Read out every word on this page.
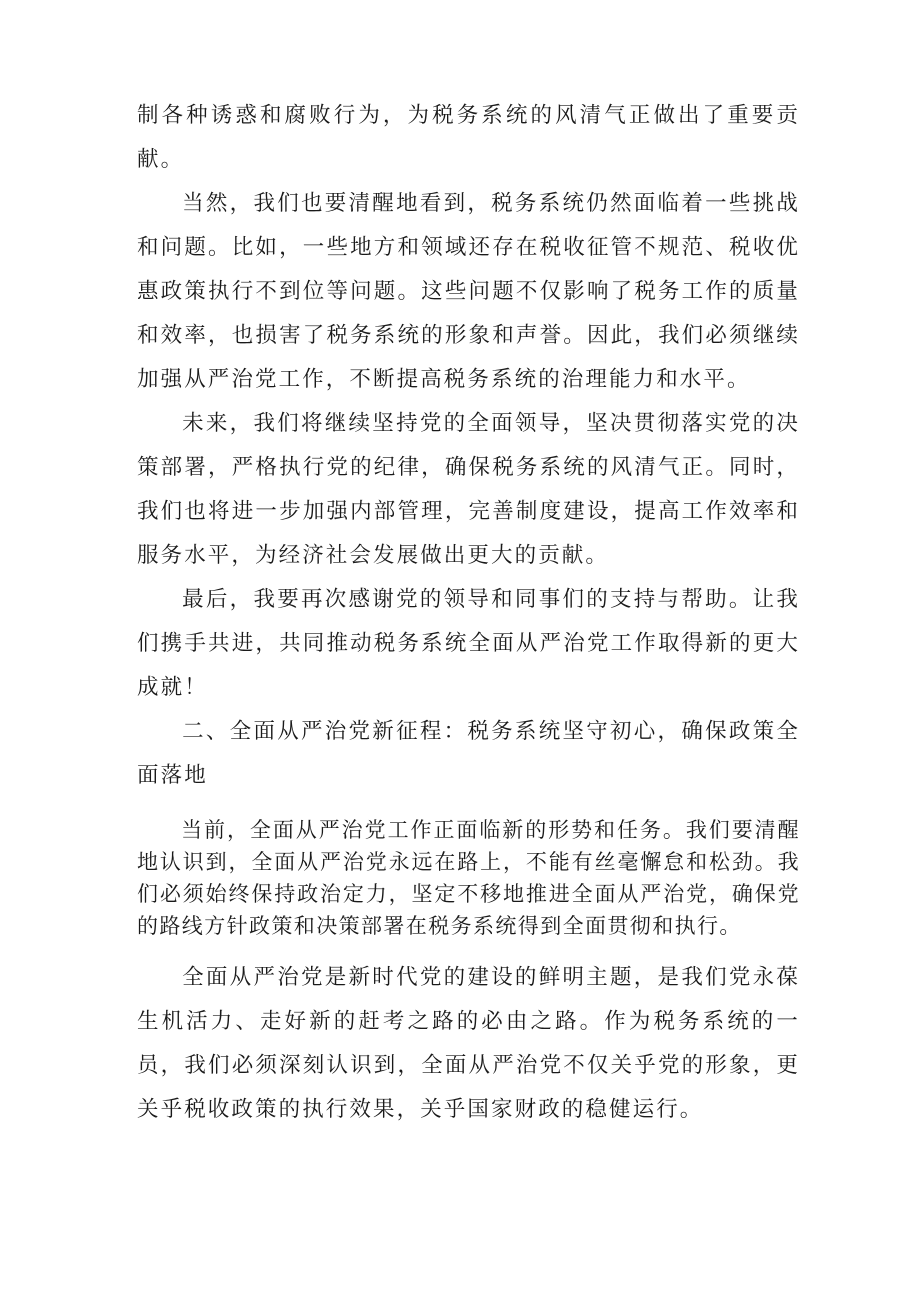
制各种诱惑和腐败行为，为税务系统的风清气正做出了重要贡献。

当然，我们也要清醒地看到，税务系统仍然面临着一些挑战和问题。比如，一些地方和领域还存在税收征管不规范、税收优惠政策执行不到位等问题。这些问题不仅影响了税务工作的质量和效率，也损害了税务系统的形象和声誉。因此，我们必须继续加强从严治党工作，不断提高税务系统的治理能力和水平。

未来，我们将继续坚持党的全面领导，坚决贯彻落实党的决策部署，严格执行党的纪律，确保税务系统的风清气正。同时，我们也将进一步加强内部管理，完善制度建设，提高工作效率和服务水平，为经济社会发展做出更大的贡献。

最后，我要再次感谢党的领导和同事们的支持与帮助。让我们携手共进，共同推动税务系统全面从严治党工作取得新的更大成就！

二、全面从严治党新征程：税务系统坚守初心，确保政策全面落地

当前，全面从严治党工作正面临新的形势和任务。我们要清醒地认识到，全面从严治党永远在路上，不能有丝毫懈怠和松劲。我们必须始终保持政治定力，坚定不移地推进全面从严治党，确保党的路线方针政策和决策部署在税务系统得到全面贯彻和执行。

全面从严治党是新时代党的建设的鲜明主题，是我们党永葆生机活力、走好新的赶考之路的必由之路。作为税务系统的一员，我们必须深刻认识到，全面从严治党不仅关乎党的形象，更关乎税收政策的执行效果，关乎国家财政的稳健运行。
